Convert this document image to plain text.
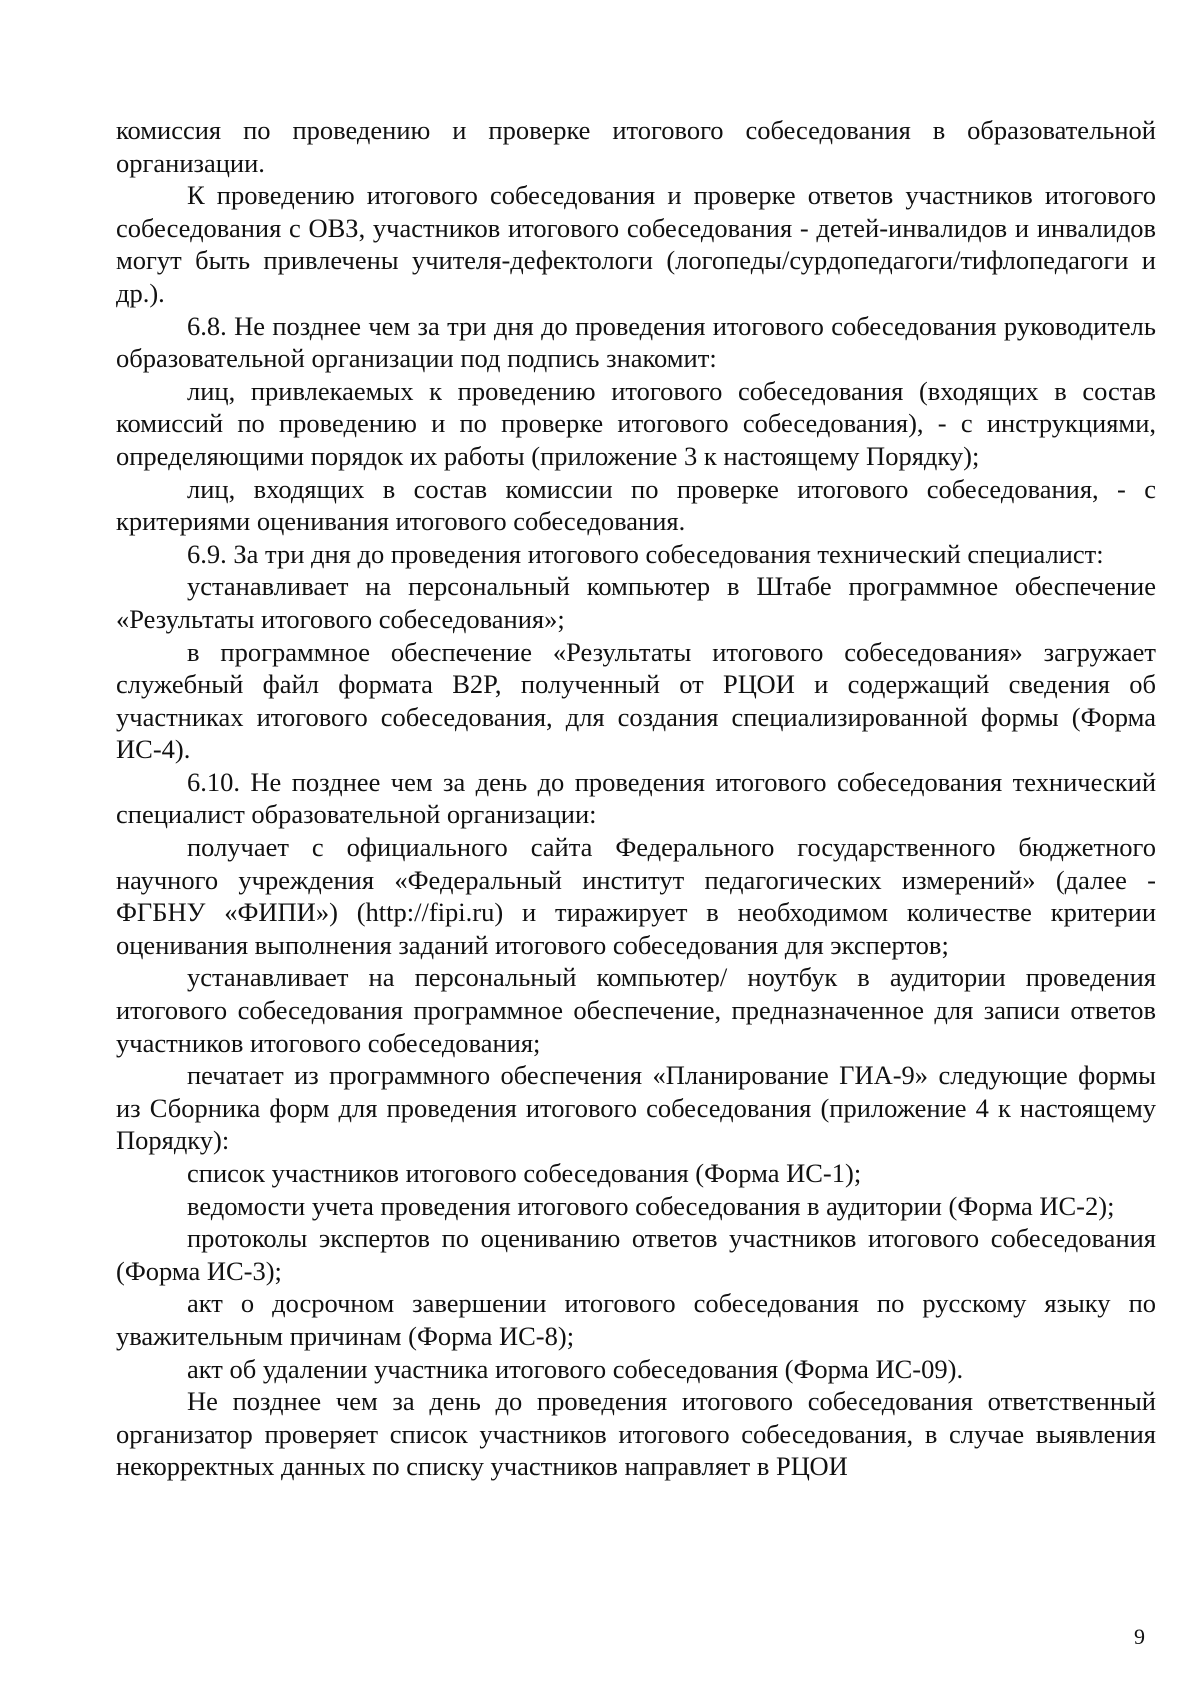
комиссия по проведению и проверке итогового собеседования в образовательной организации.

К проведению итогового собеседования и проверке ответов участников итогового собеседования с ОВЗ, участников итогового собеседования - детей-инвалидов и инвалидов могут быть привлечены учителя-дефектологи (логопеды/сурдопедагоги/тифлопедагоги и др.).

6.8. Не позднее чем за три дня до проведения итогового собеседования руководитель образовательной организации под подпись знакомит:

лиц, привлекаемых к проведению итогового собеседования (входящих в состав комиссий по проведению и по проверке итогового собеседования), - с инструкциями, определяющими порядок их работы (приложение 3 к настоящему Порядку);

лиц, входящих в состав комиссии по проверке итогового собеседования, - с критериями оценивания итогового собеседования.

6.9. За три дня до проведения итогового собеседования технический специалист:

устанавливает на персональный компьютер в Штабе программное обеспечение «Результаты итогового собеседования»;

в программное обеспечение «Результаты итогового собеседования» загружает служебный файл формата B2P, полученный от РЦОИ и содержащий сведения об участниках итогового собеседования, для создания специализированной формы (Форма ИС-4).

6.10. Не позднее чем за день до проведения итогового собеседования технический специалист образовательной организации:

получает с официального сайта Федерального государственного бюджетного научного учреждения «Федеральный институт педагогических измерений» (далее - ФГБНУ «ФИПИ») (http://fipi.ru) и тиражирует в необходимом количестве критерии оценивания выполнения заданий итогового собеседования для экспертов;

устанавливает на персональный компьютер/ ноутбук в аудитории проведения итогового собеседования программное обеспечение, предназначенное для записи ответов участников итогового собеседования;

печатает из программного обеспечения «Планирование ГИА-9» следующие формы из Сборника форм для проведения итогового собеседования (приложение 4 к настоящему Порядку):

список участников итогового собеседования (Форма ИС-1);

ведомости учета проведения итогового собеседования в аудитории (Форма ИС-2);

протоколы экспертов по оцениванию ответов участников итогового собеседования (Форма ИС-3);

акт о досрочном завершении итогового собеседования по русскому языку по уважительным причинам (Форма ИС-8);

акт об удалении участника итогового собеседования (Форма ИС-09).

Не позднее чем за день до проведения итогового собеседования ответственный организатор проверяет список участников итогового собеседования, в случае выявления некорректных данных по списку участников направляет в РЦОИ

9
